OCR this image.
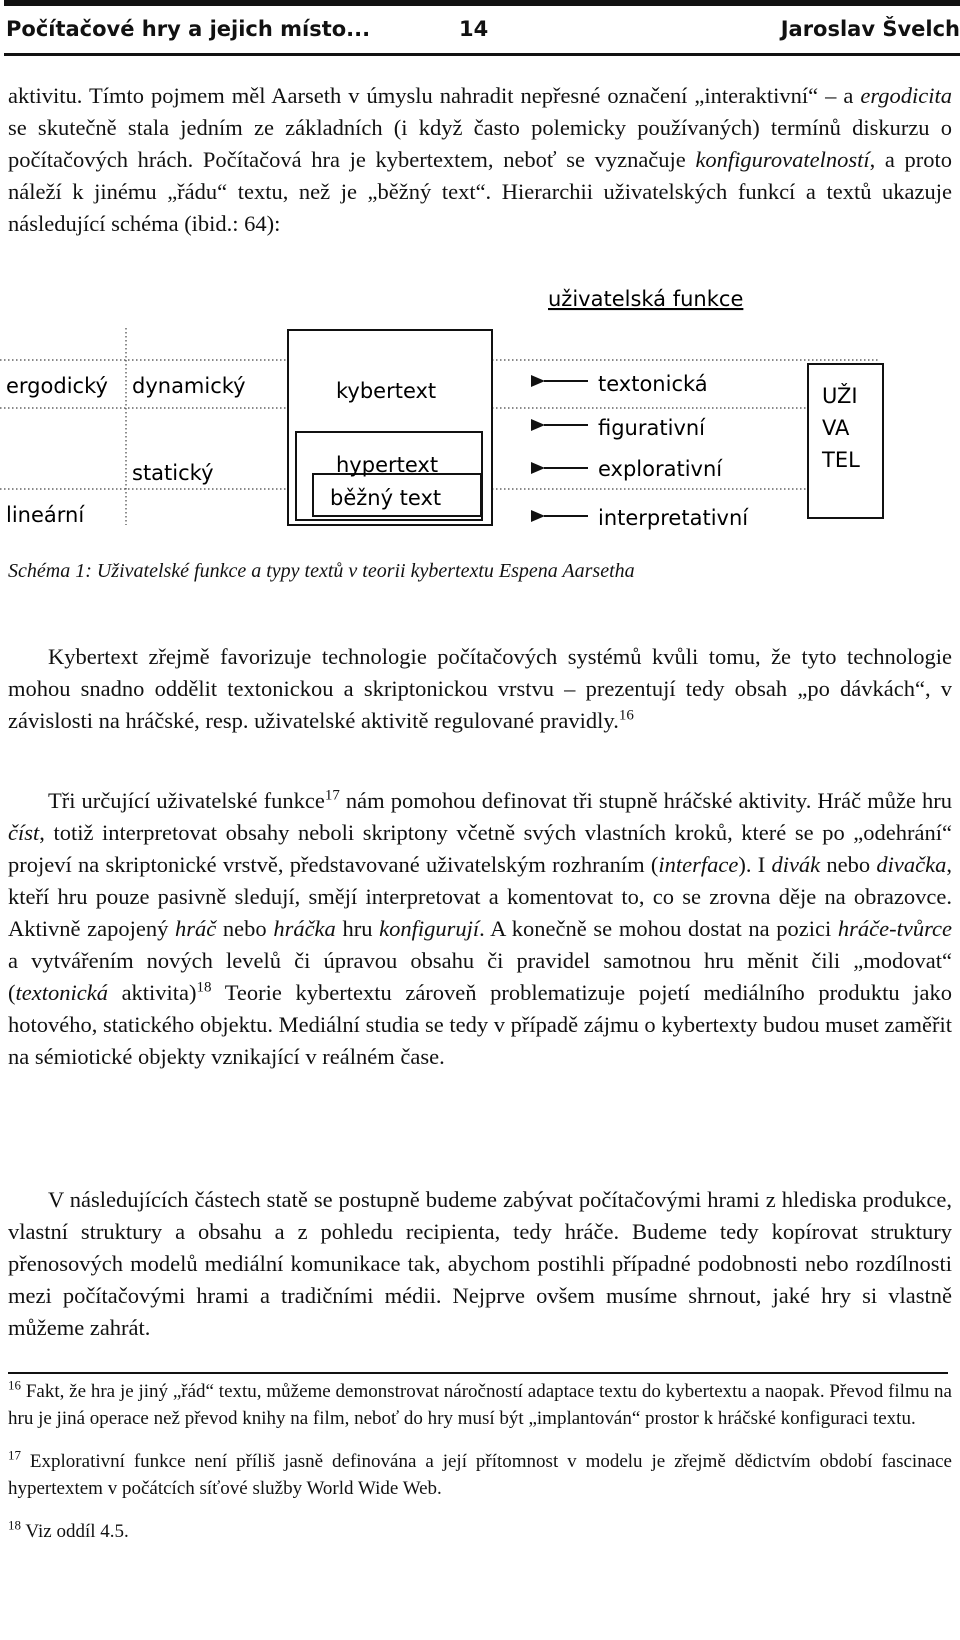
Počítačové hry a jejich místo...	14	Jaroslav Švelch

aktivitu. Tímto pojmem měl Aarseth v úmyslu nahradit nepřesné označení „interaktivní“ – a ergodicita se skutečně stala jedním ze základních (i když často polemicky používaných) termínů diskurzu o počítačových hrách. Počítačová hra je kybertextem, neboť se vyznačuje konfigurovatelností, a proto náleží k jinému „řádu“ textu, než je „běžný text“. Hierarchii uživatelských funkcí a textů ukazuje následující schéma (ibid.: 64):

uživatelská funkce
ergodický dynamický
statický
lineární
kybertext
hypertext
běžný text
textonická
figurativní
explorativní
interpretativní
UŽI
VA
TEL
Schéma 1: Uživatelské funkce a typy textů v teorii kybertextu Espena Aarsetha

Kybertext zřejmě favorizuje technologie počítačových systémů kvůli tomu, že tyto technologie mohou snadno oddělit textonickou a skriptonickou vrstvu – prezentují tedy obsah „po dávkách“, v závislosti na hráčské, resp. uživatelské aktivitě regulované pravidly.$^{16}$

Tři určující uživatelské funkce$^{17}$ nám pomohou definovat tři stupně hráčské aktivity. Hráč může hru číst, totiž interpretovat obsahy neboli skriptony včetně svých vlastních kroků, které se po „odehrání“ projeví na skriptonické vrstvě, představované uživatelským rozhraním (interface). I divák nebo divačka, kteří hru pouze pasivně sledují, smějí interpretovat a komentovat to, co se zrovna děje na obrazovce. Aktivně zapojený hráč nebo hráčka hru konfigurují. A konečně se mohou dostat na pozici hráče-tvůrce a vytvářením nových levelů či úpravou obsahu či pravidel samotnou hru měnit čili „modovat“ (textonická aktivita)$^{18}$ Teorie kybertextu zároveň problematizuje pojetí mediálního produktu jako hotového, statického objektu. Mediální studia se tedy v případě zájmu o kybertexty budou muset zaměřit na sémiotické objekty vznikající v reálném čase.

V následujících částech statě se postupně budeme zabývat počítačovými hrami z hlediska produkce, vlastní struktury a obsahu a z pohledu recipienta, tedy hráče. Budeme tedy kopírovat struktury přenosových modelů mediální komunikace tak, abychom postihli případné podobnosti nebo rozdílnosti mezi počítačovými hrami a tradičními médii. Nejprve ovšem musíme shrnout, jaké hry si vlastně můžeme zahrát.

$^{16}$ Fakt, že hra je jiný „řád“ textu, můžeme demonstrovat náročností adaptace textu do kybertextu a naopak. Převod filmu na hru je jiná operace než převod knihy na film, neboť do hry musí být „implantován“ prostor k hráčské konfiguraci textu.

$^{17}$ Explorativní funkce není příliš jasně definována a její přítomnost v modelu je zřejmě dědictvím období fascinace hypertextem v počátcích síťové služby World Wide Web.

$^{18}$ Viz oddíl 4.5.
